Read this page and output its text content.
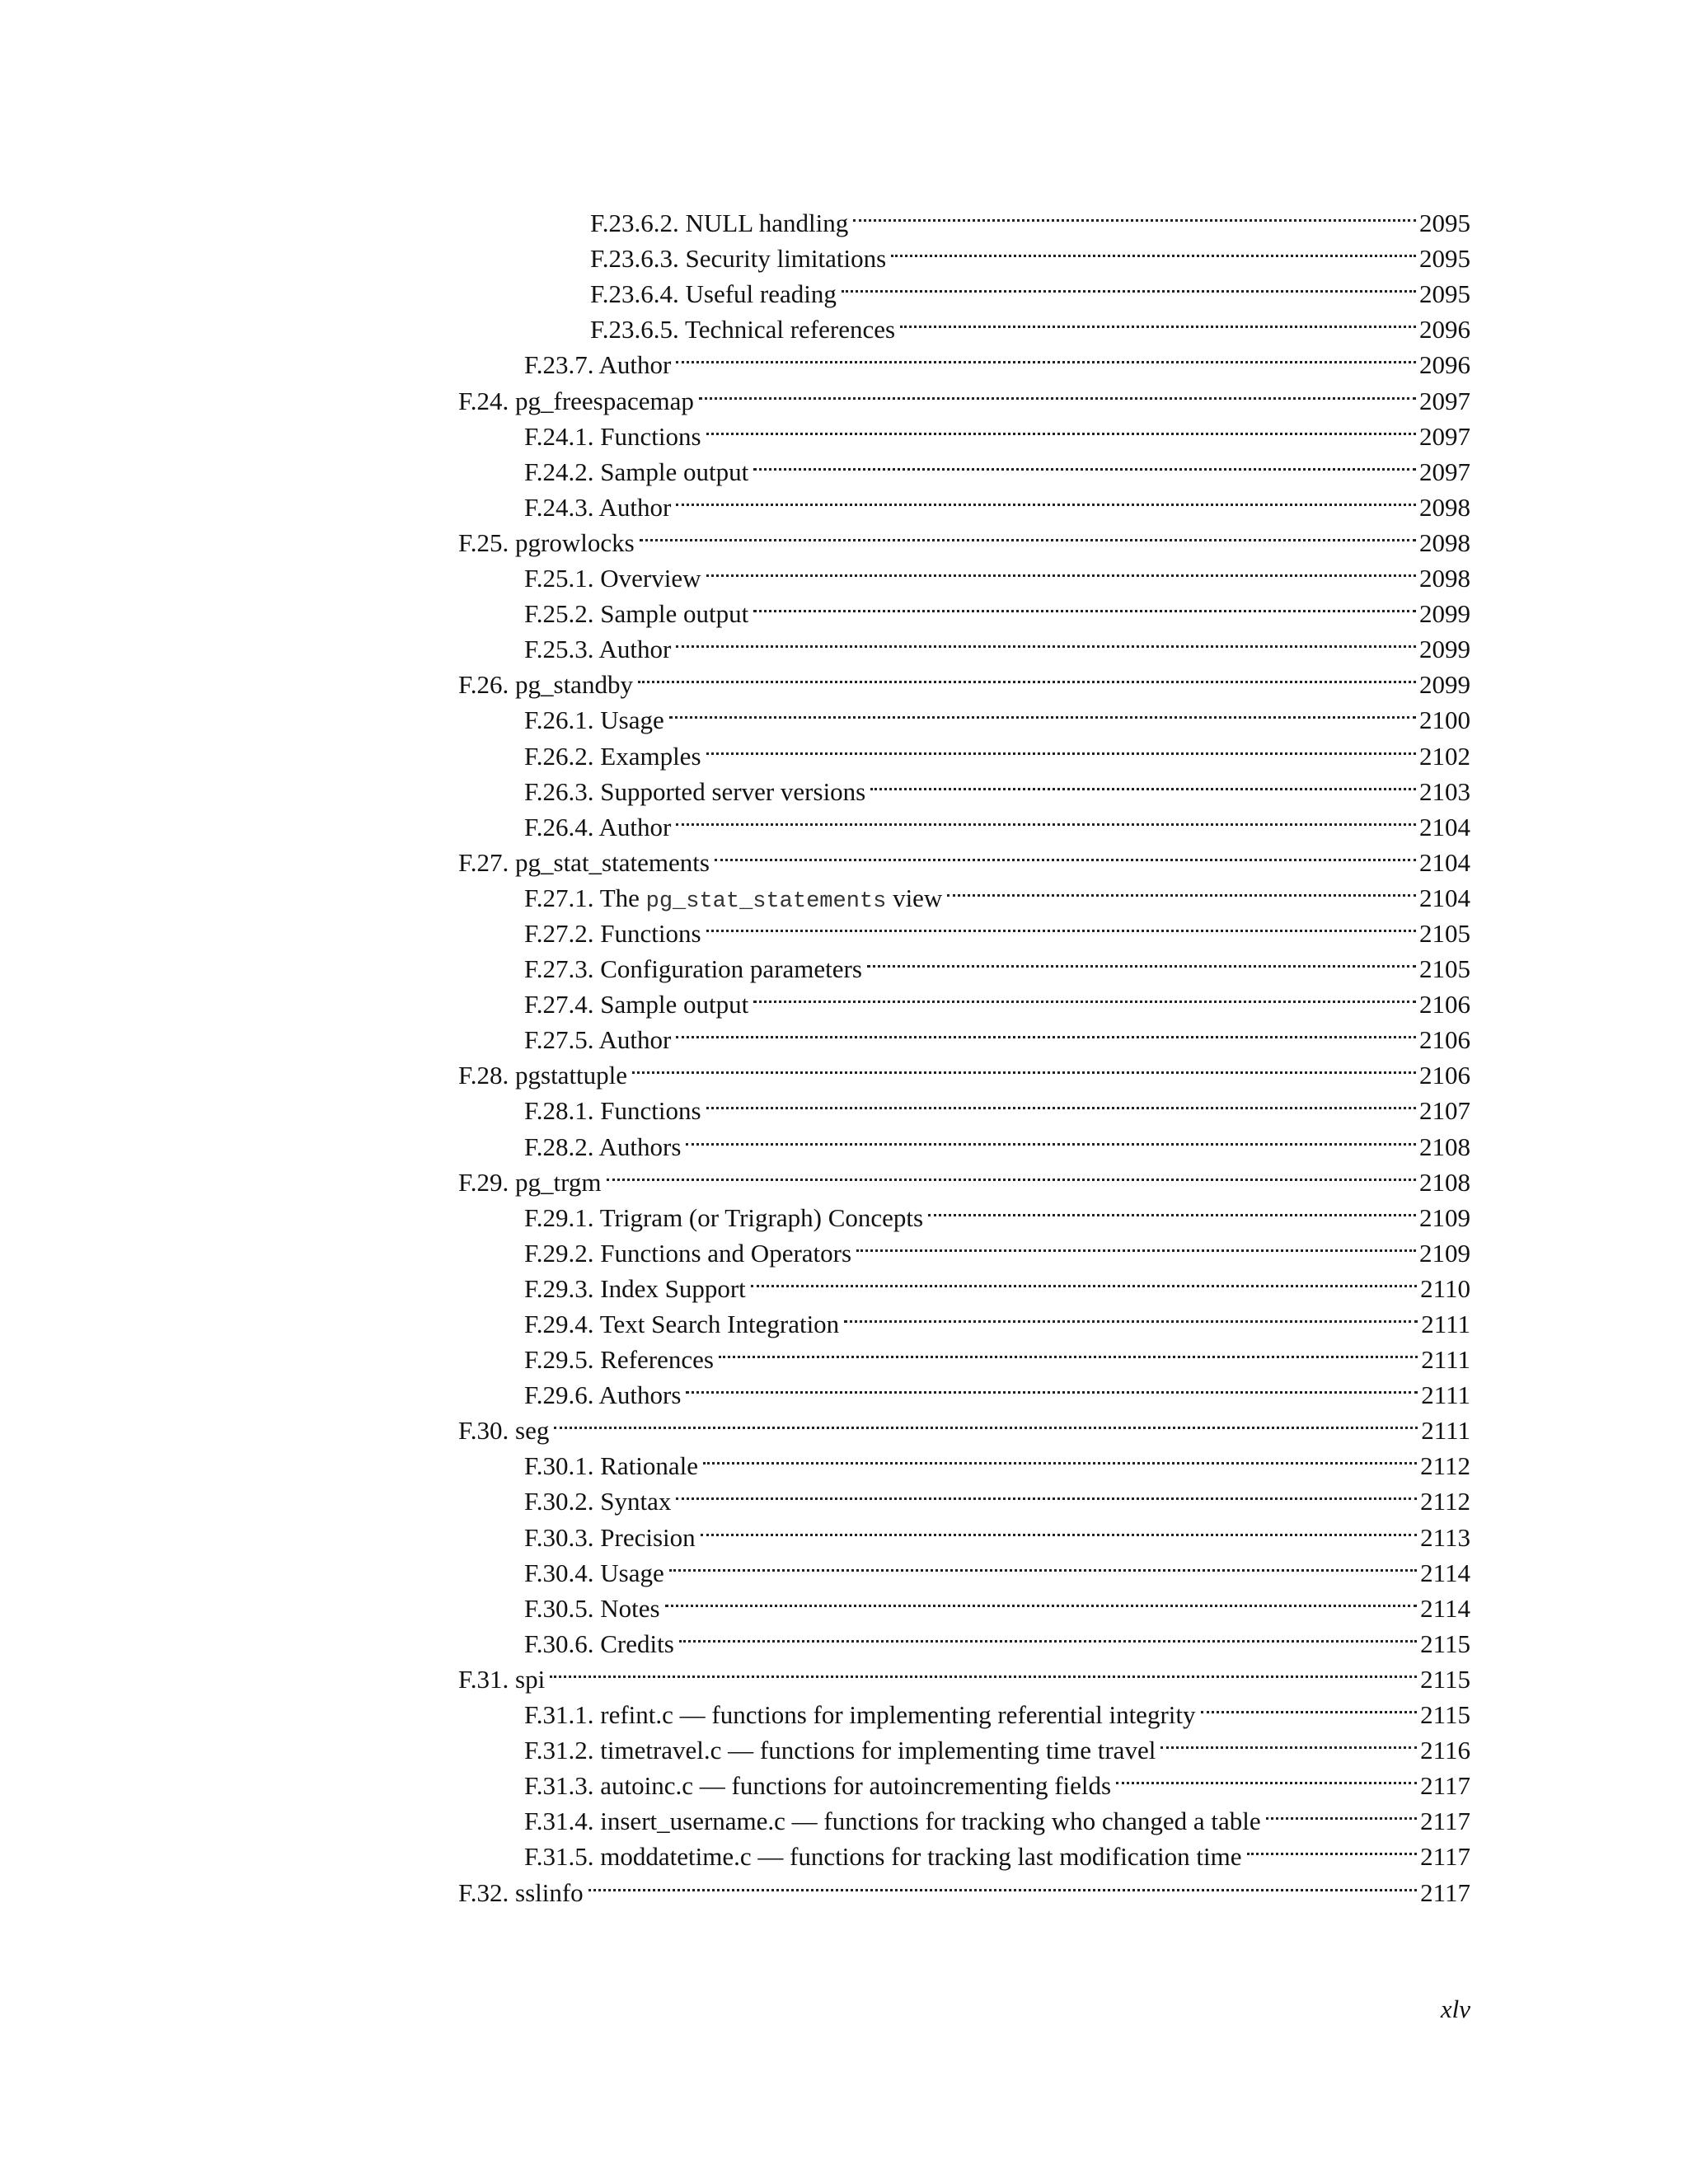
F.23.6.2. NULL handling	2095
F.23.6.3. Security limitations	2095
F.23.6.4. Useful reading	2095
F.23.6.5. Technical references	2096
F.23.7. Author	2096
F.24. pg_freespacemap	2097
F.24.1. Functions	2097
F.24.2. Sample output	2097
F.24.3. Author	2098
F.25. pgrowlocks	2098
F.25.1. Overview	2098
F.25.2. Sample output	2099
F.25.3. Author	2099
F.26. pg_standby	2099
F.26.1. Usage	2100
F.26.2. Examples	2102
F.26.3. Supported server versions	2103
F.26.4. Author	2104
F.27. pg_stat_statements	2104
F.27.1. The pg_stat_statements view	2104
F.27.2. Functions	2105
F.27.3. Configuration parameters	2105
F.27.4. Sample output	2106
F.27.5. Author	2106
F.28. pgstattuple	2106
F.28.1. Functions	2107
F.28.2. Authors	2108
F.29. pg_trgm	2108
F.29.1. Trigram (or Trigraph) Concepts	2109
F.29.2. Functions and Operators	2109
F.29.3. Index Support	2110
F.29.4. Text Search Integration	2111
F.29.5. References	2111
F.29.6. Authors	2111
F.30. seg	2111
F.30.1. Rationale	2112
F.30.2. Syntax	2112
F.30.3. Precision	2113
F.30.4. Usage	2114
F.30.5. Notes	2114
F.30.6. Credits	2115
F.31. spi	2115
F.31.1. refint.c — functions for implementing referential integrity	2115
F.31.2. timetravel.c — functions for implementing time travel	2116
F.31.3. autoinc.c — functions for autoincrementing fields	2117
F.31.4. insert_username.c — functions for tracking who changed a table	2117
F.31.5. moddatetime.c — functions for tracking last modification time	2117
F.32. sslinfo	2117
xlv
